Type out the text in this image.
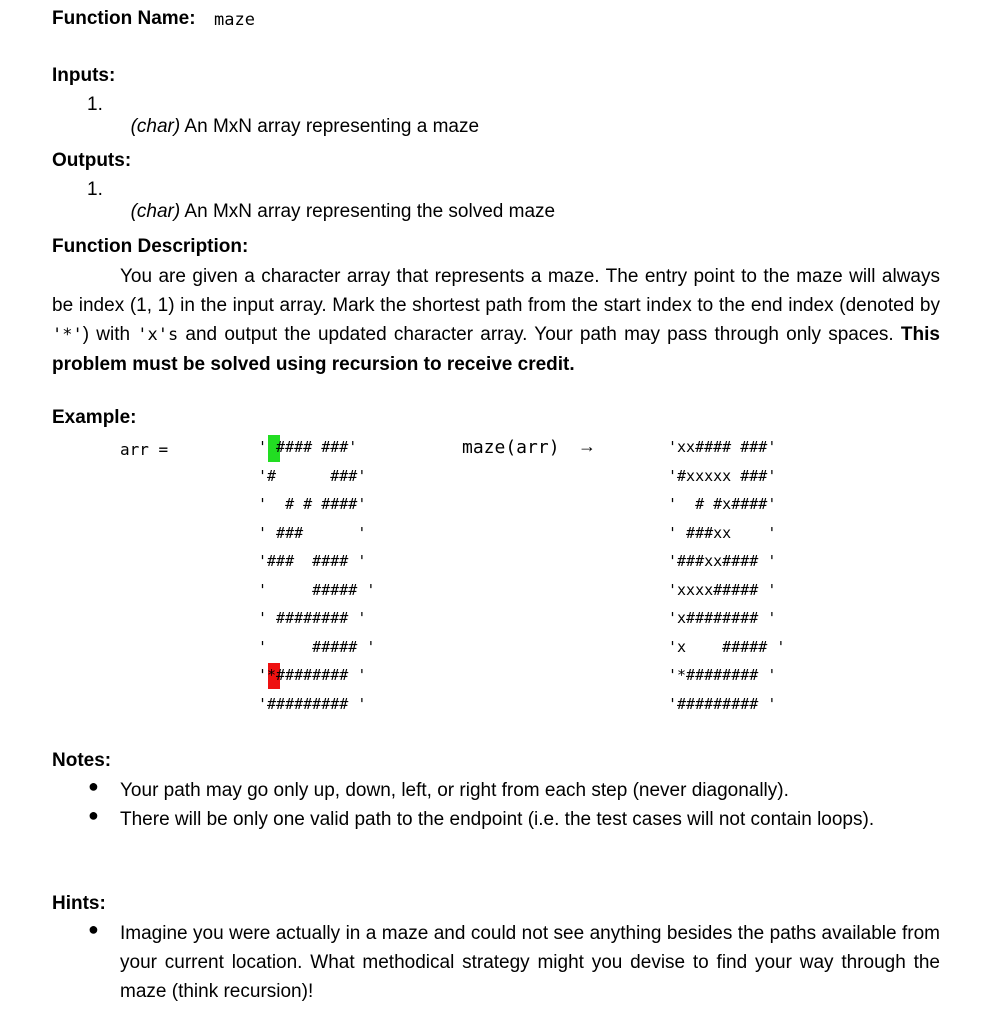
Function Name: maze
Inputs:
1.

(char) An MxN array representing a maze

Outputs:
1.

(char) An MxN array representing the solved maze

Function Description:
You are given a character array that represents a maze. The entry point to the maze will always be index (1, 1) in the input array. Mark the shortest path from the start index to the end index (denoted by '*') with 'x's and output the updated character array. Your path may pass through only spaces. This problem must be solved using recursion to receive credit.
Example:
arr =	maze(arr) →
' #### ###'
'#      ###'
'  # # ####'
' ###      '
'###  #### '
'     ##### '
' ######## '
'     ##### '
'*######## '
'######### '
'xx#### ###'
'#xxxxx ###'
'  # #x####'
' ###xx    '
'###xx#### '
'xxxx##### '
'x######## '
'x    ##### '
'*######## '
'######### '
Notes:
● Your path may go only up, down, left, or right from each step (never diagonally).
● There will be only one valid path to the endpoint (i.e. the test cases will not contain loops).
Hints:
● Imagine you were actually in a maze and could not see anything besides the paths available from your current location. What methodical strategy might you devise to find your way through the maze (think recursion)!
